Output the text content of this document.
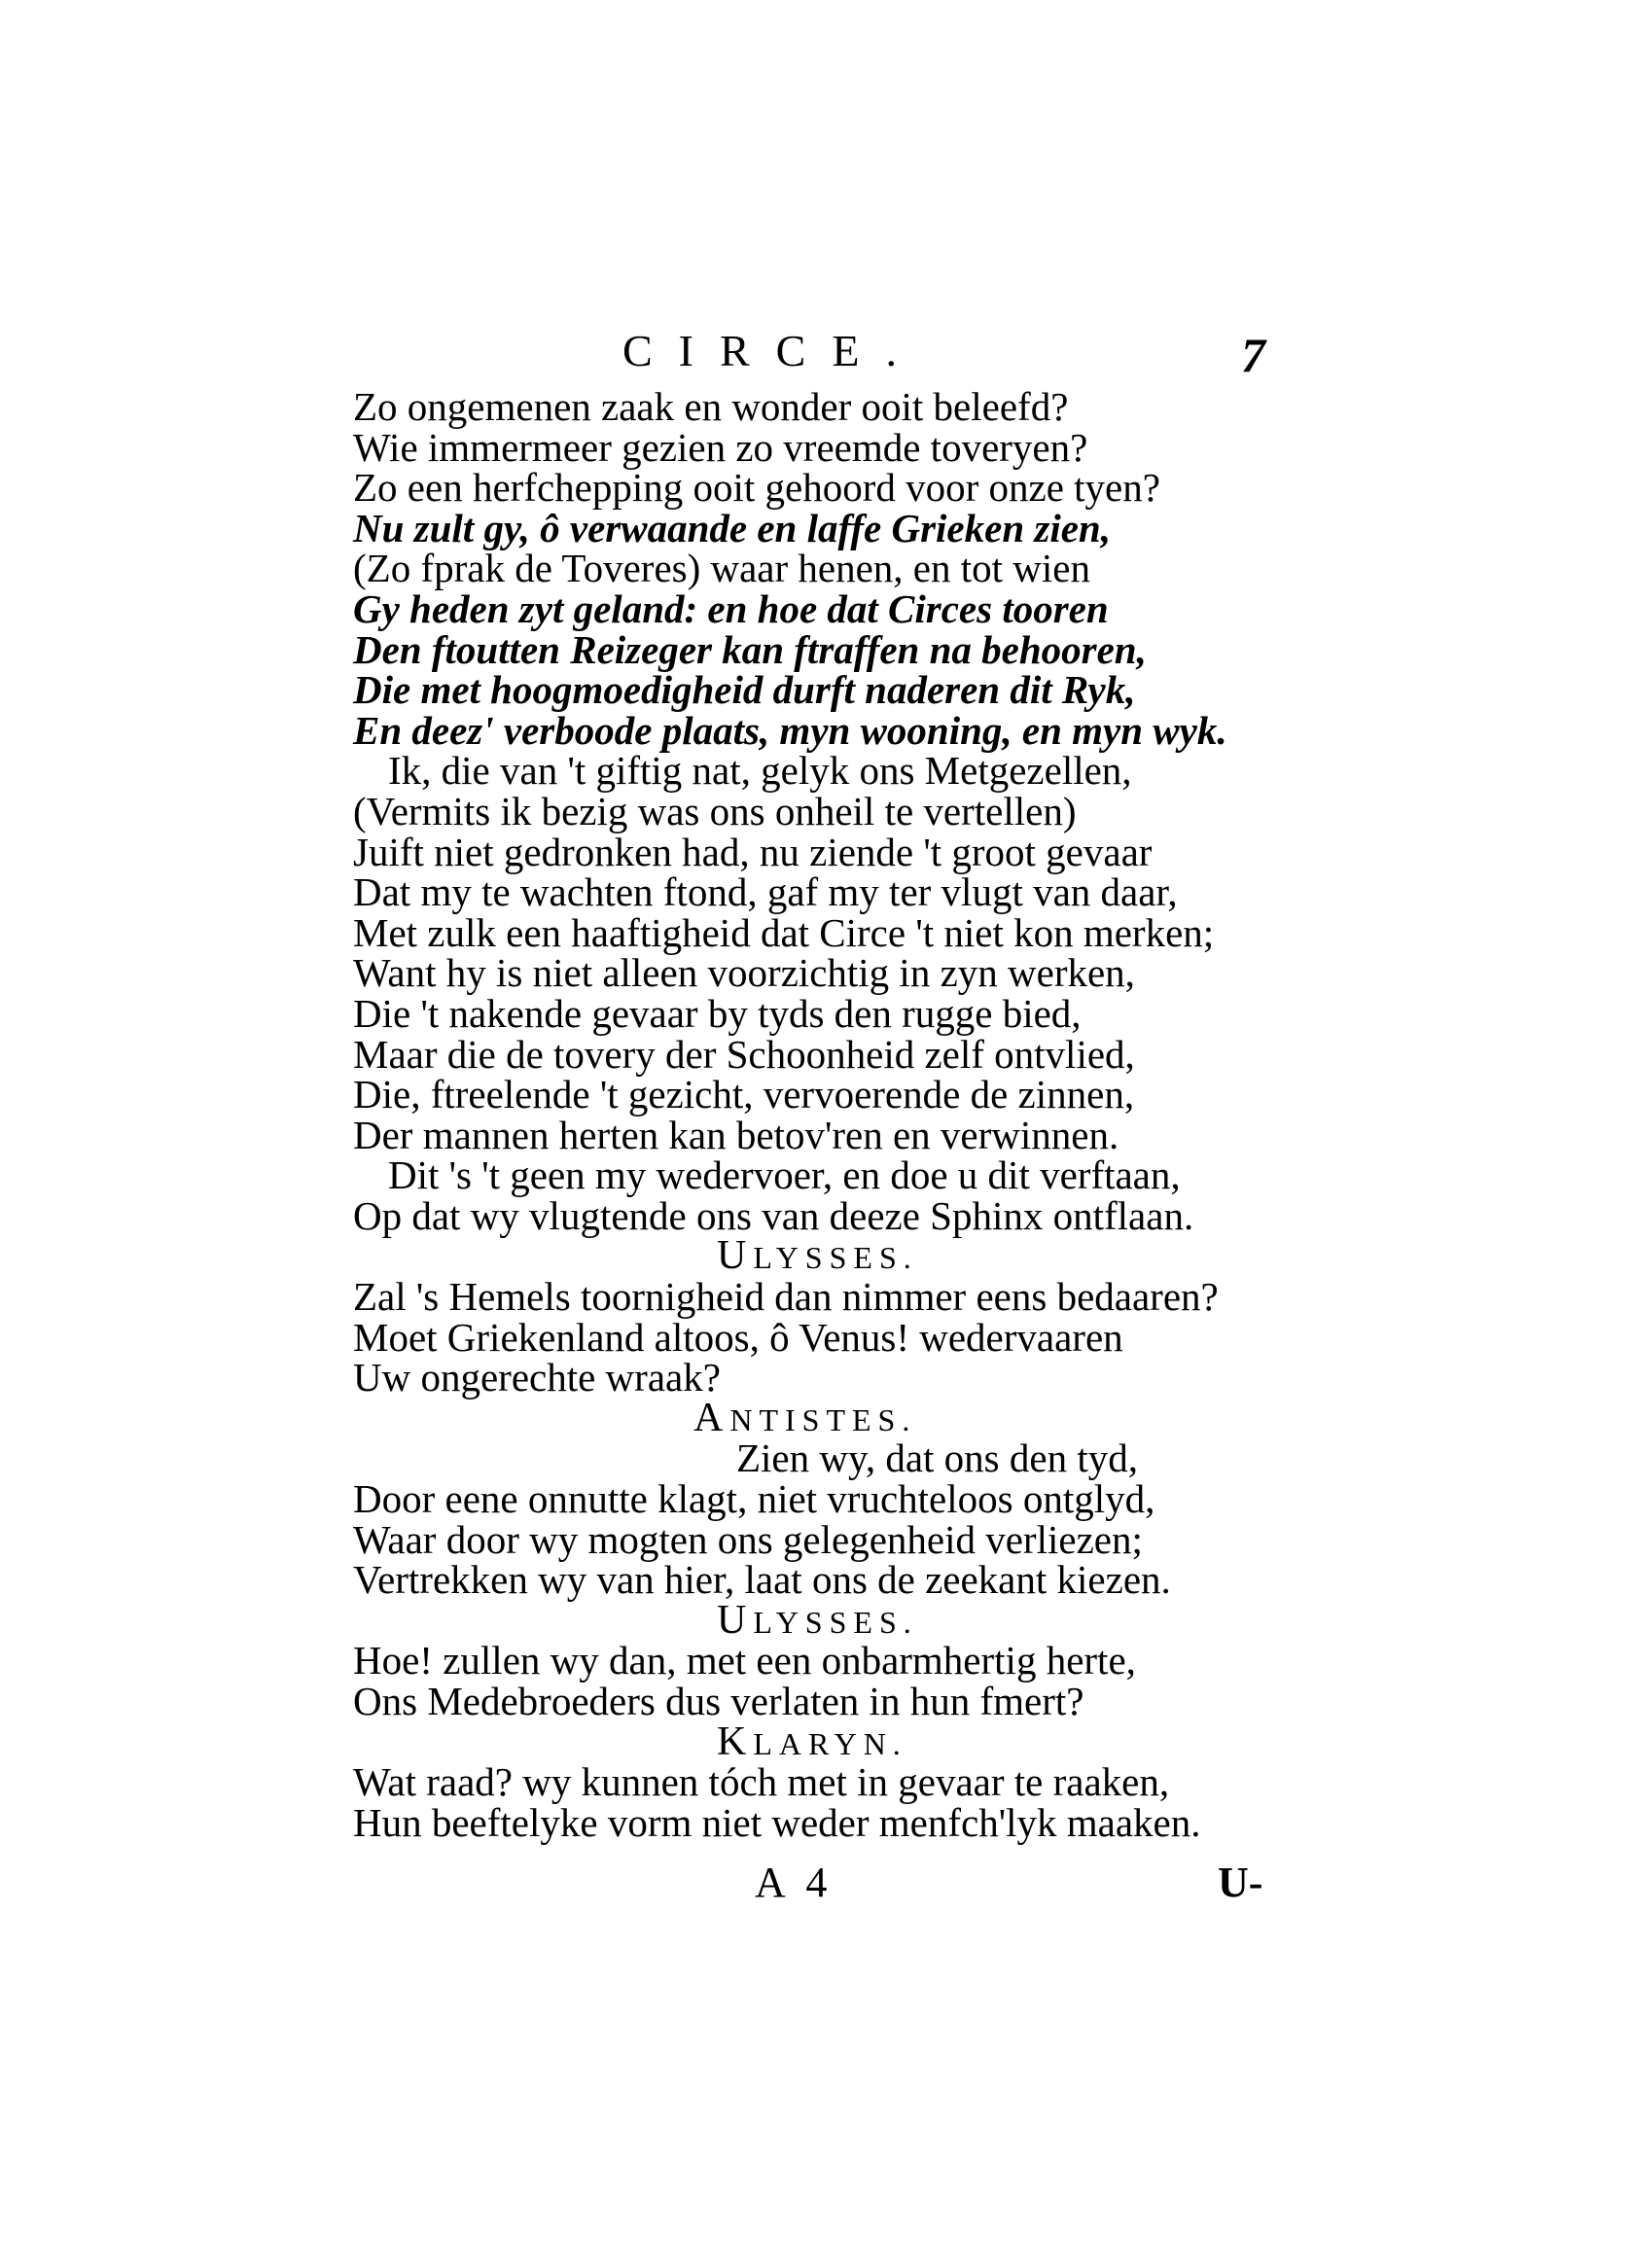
CIRCE.	7
Zo ongemenen zaak en wonder ooit beleefd?
Wie immermeer gezien zo vreemde toveryen?
Zo een herfchepping ooit gehoord voor onze tyen?
Nu zult gy, ô verwaande en laffe Grieken zien,
(Zo fprak de Toveres) waar henen, en tot wien
Gy heden zyt geland: en hoe dat Circes tooren
Den ftoutten Reizeger kan ftraffen na behooren,
Die met hoogmoedigheid durft naderen dit Ryk,
En deez' verboode plaats, myn wooning, en myn wyk.
Ik, die van 't giftig nat, gelyk ons Metgezellen,
(Vermits ik bezig was ons onheil te vertellen)
Juift niet gedronken had, nu ziende 't groot gevaar
Dat my te wachten ftond, gaf my ter vlugt van daar,
Met zulk een haaftigheid dat Circe 't niet kon merken;
Want hy is niet alleen voorzichtig in zyn werken,
Die 't nakende gevaar by tyds den rugge bied,
Maar die de tovery der Schoonheid zelf ontvlied,
Die, ftreelende 't gezicht, vervoerende de zinnen,
Der mannen herten kan betov'ren en verwinnen.
Dit 's 't geen my wedervoer, en doe u dit verftaan,
Op dat wy vlugtende ons van deeze Sphinx ontflaan.
ULYSSES.
Zal 's Hemels toornigheid dan nimmer eens bedaaren?
Moet Griekenland altoos, ô Venus! wedervaaren
Uw ongerechte wraak?
ANTISTES.
Zien wy, dat ons den tyd,
Door eene onnutte klagt, niet vruchteloos ontglyd,
Waar door wy mogten ons gelegenheid verliezen;
Vertrekken wy van hier, laat ons de zeekant kiezen.
ULYSSES.
Hoe! zullen wy dan, met een onbarmhertig herte,
Ons Medebroeders dus verlaten in hun fmert?
KLARYN.
Wat raad? wy kunnen tóch met in gevaar te raaken,
Hun beeftelyke vorm niet weder menfch'lyk maaken.
A 4	U-
